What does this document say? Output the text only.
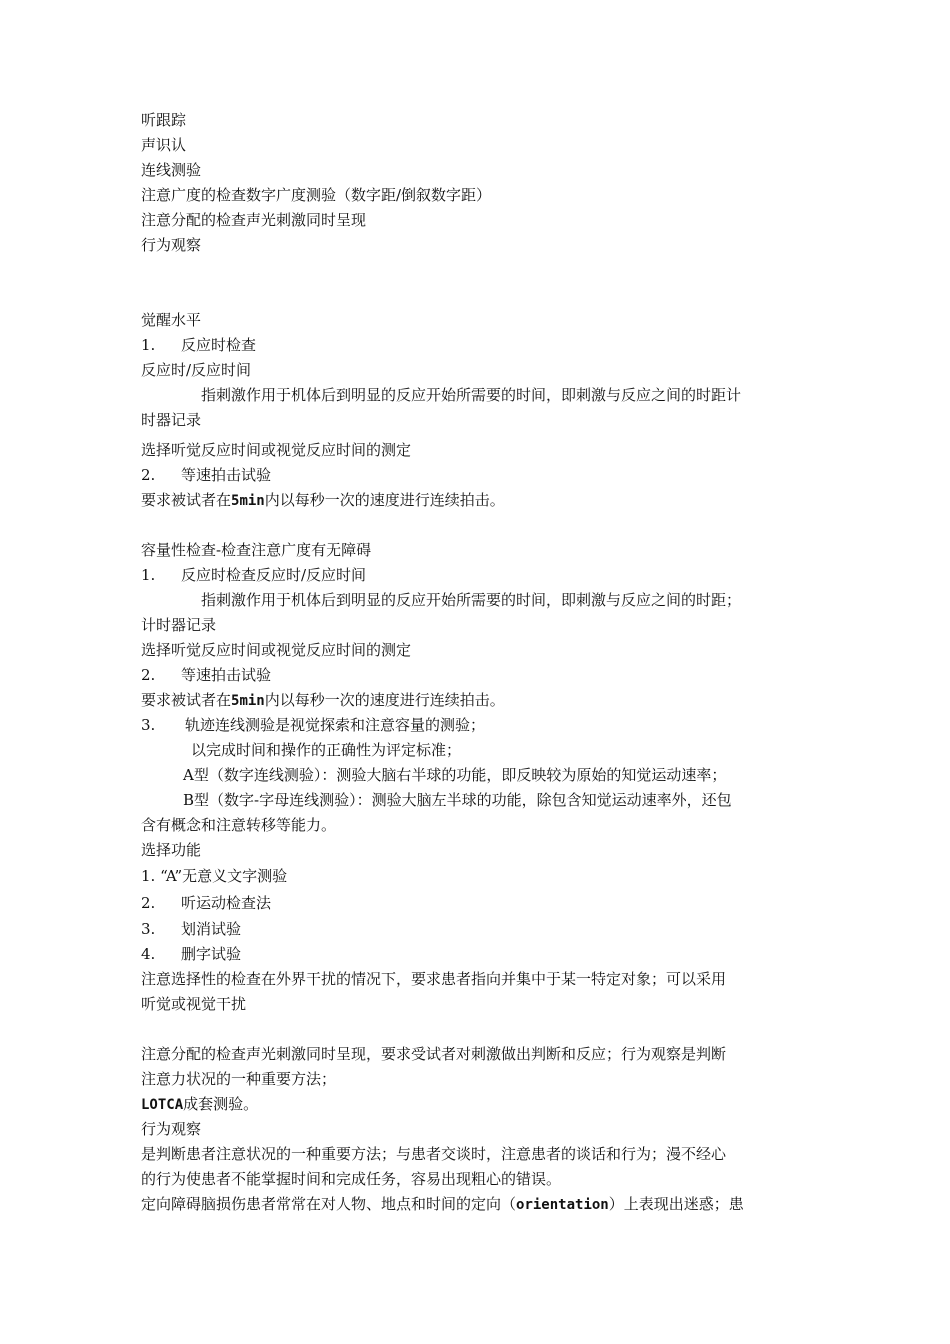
听跟踪
声识认
连线测验
注意广度的检查数字广度测验（数字距/倒叙数字距）
注意分配的检查声光刺激同时呈现
行为观察
觉醒水平
1. 反应时检查
反应时/反应时间
指刺激作用于机体后到明显的反应开始所需要的时间，即刺激与反应之间的时距计
时器记录
选择听觉反应时间或视觉反应时间的测定
2. 等速拍击试验
要求被试者在5min内以每秒一次的速度进行连续拍击。
容量性检查-检查注意广度有无障碍
1. 反应时检查反应时/反应时间
指刺激作用于机体后到明显的反应开始所需要的时间，即刺激与反应之间的时距；
计时器记录
选择听觉反应时间或视觉反应时间的测定
2. 等速拍击试验
要求被试者在5min内以每秒一次的速度进行连续拍击。
3. 轨迹连线测验是视觉探索和注意容量的测验；
以完成时间和操作的正确性为评定标准；
A型（数字连线测验）：测验大脑右半球的功能，即反映较为原始的知觉运动速率；
B型（数字-字母连线测验）：测验大脑左半球的功能，除包含知觉运动速率外，还包
含有概念和注意转移等能力。
选择功能
1. “A”无意义文字测验
2. 听运动检查法
3. 划消试验
4. 删字试验
注意选择性的检查在外界干扰的情况下，要求患者指向并集中于某一特定对象；可以采用
听觉或视觉干扰
注意分配的检查声光刺激同时呈现，要求受试者对刺激做出判断和反应；行为观察是判断
注意力状况的一种重要方法；
LOTCA成套测验。
行为观察
是判断患者注意状况的一种重要方法；与患者交谈时，注意患者的谈话和行为；漫不经心
的行为使患者不能掌握时间和完成任务，容易出现粗心的错误。
定向障碍脑损伤患者常常在对人物、地点和时间的定向（orientation）上表现出迷惑；患
